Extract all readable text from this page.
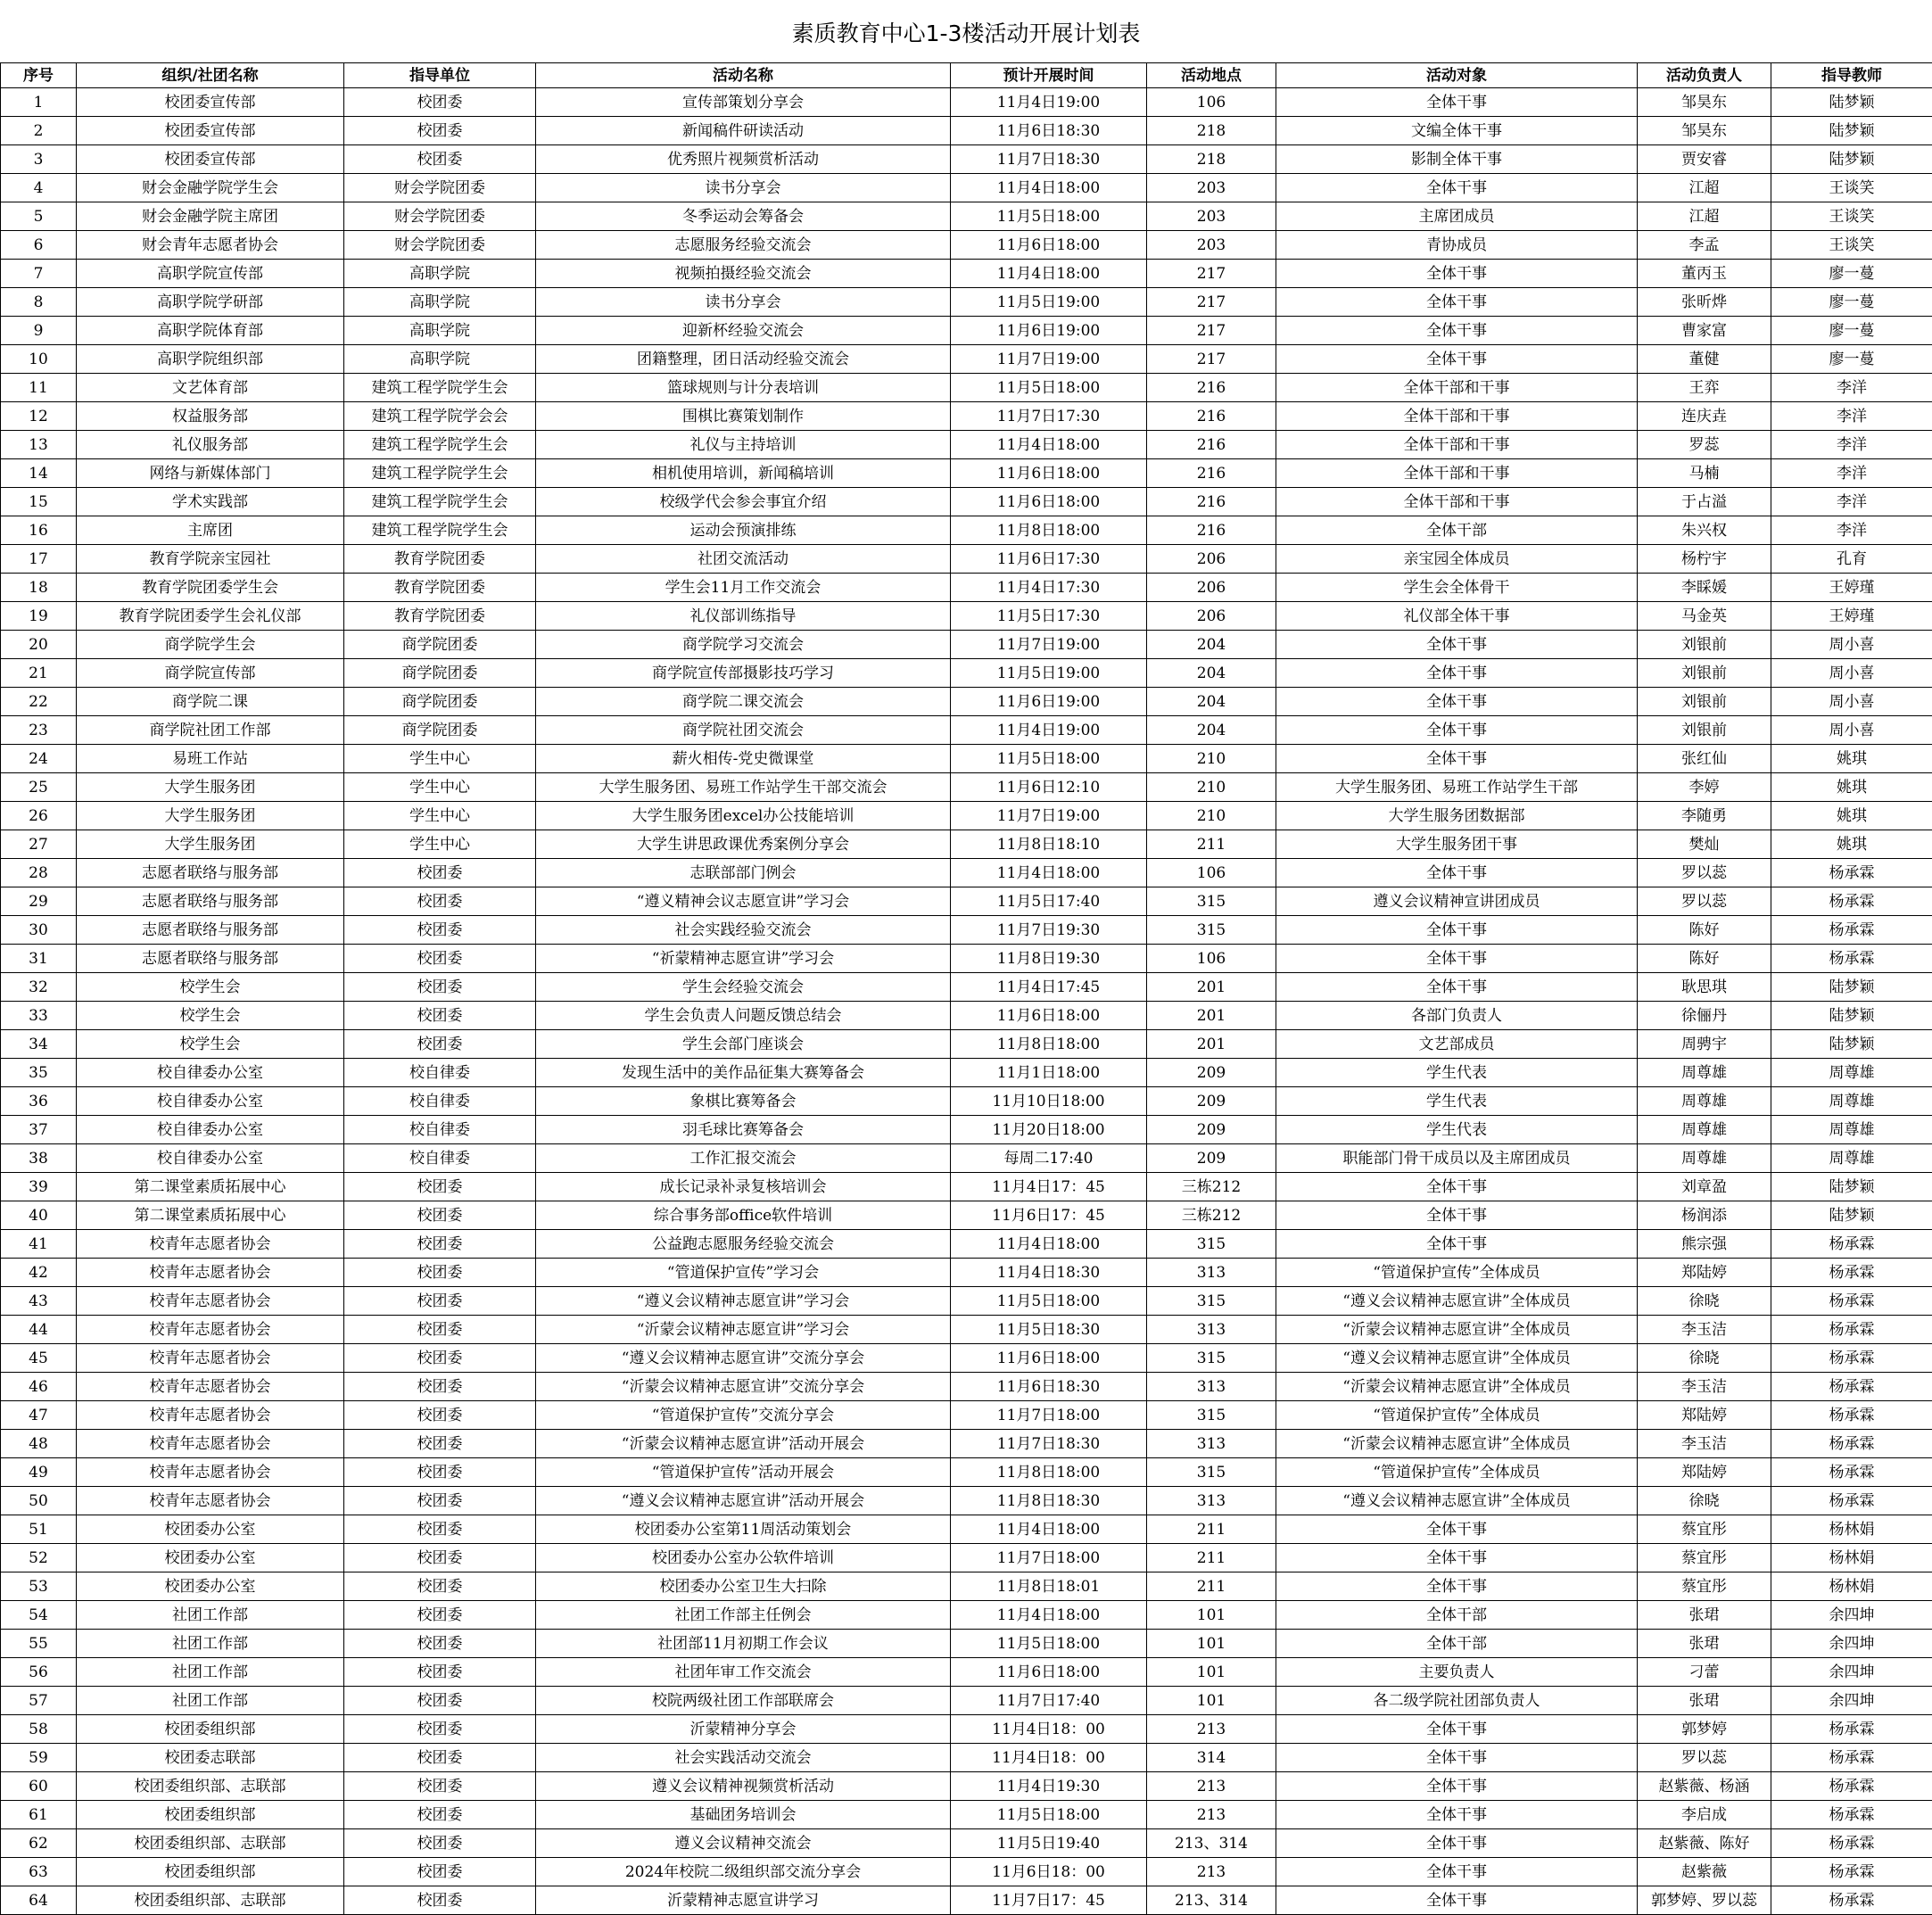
素质教育中心1-3楼活动开展计划表
序号	组织/社团名称	指导单位	活动名称	预计开展时间	活动地点	活动对象	活动负责人	指导教师
1	校团委宣传部	校团委	宣传部策划分享会	11月4日19:00	106	全体干事	邹昊东	陆梦颖
2	校团委宣传部	校团委	新闻稿件研读活动	11月6日18:30	218	文编全体干事	邹昊东	陆梦颖
3	校团委宣传部	校团委	优秀照片视频赏析活动	11月7日18:30	218	影制全体干事	贾安睿	陆梦颖
4	财会金融学院学生会	财会学院团委	读书分享会	11月4日18:00	203	全体干事	江超	王谈笑
5	财会金融学院主席团	财会学院团委	冬季运动会筹备会	11月5日18:00	203	主席团成员	江超	王谈笑
6	财会青年志愿者协会	财会学院团委	志愿服务经验交流会	11月6日18:00	203	青协成员	李孟	王谈笑
7	高职学院宣传部	高职学院	视频拍摄经验交流会	11月4日18:00	217	全体干事	董丙玉	廖一蔓
8	高职学院学研部	高职学院	读书分享会	11月5日19:00	217	全体干事	张昕烨	廖一蔓
9	高职学院体育部	高职学院	迎新杯经验交流会	11月6日19:00	217	全体干事	曹家富	廖一蔓
10	高职学院组织部	高职学院	团籍整理，团日活动经验交流会	11月7日19:00	217	全体干事	董健	廖一蔓
11	文艺体育部	建筑工程学院学生会	篮球规则与计分表培训	11月5日18:00	216	全体干部和干事	王弈	李洋
12	权益服务部	建筑工程学院学会会	围棋比赛策划制作	11月7日17:30	216	全体干部和干事	连庆垚	李洋
13	礼仪服务部	建筑工程学院学生会	礼仪与主持培训	11月4日18:00	216	全体干部和干事	罗蕊	李洋
14	网络与新媒体部门	建筑工程学院学生会	相机使用培训，新闻稿培训	11月6日18:00	216	全体干部和干事	马楠	李洋
15	学术实践部	建筑工程学院学生会	校级学代会参会事宜介绍	11月6日18:00	216	全体干部和干事	于占溢	李洋
16	主席团	建筑工程学院学生会	运动会预演排练	11月8日18:00	216	全体干部	朱兴权	李洋
17	教育学院亲宝园社	教育学院团委	社团交流活动	11月6日17:30	206	亲宝园全体成员	杨柠宇	孔育
18	教育学院团委学生会	教育学院团委	学生会11月工作交流会	11月4日17:30	206	学生会全体骨干	李睬媛	王婷瑾
19	教育学院团委学生会礼仪部	教育学院团委	礼仪部训练指导	11月5日17:30	206	礼仪部全体干事	马金英	王婷瑾
20	商学院学生会	商学院团委	商学院学习交流会	11月7日19:00	204	全体干事	刘银前	周小喜
21	商学院宣传部	商学院团委	商学院宣传部摄影技巧学习	11月5日19:00	204	全体干事	刘银前	周小喜
22	商学院二课	商学院团委	商学院二课交流会	11月6日19:00	204	全体干事	刘银前	周小喜
23	商学院社团工作部	商学院团委	商学院社团交流会	11月4日19:00	204	全体干事	刘银前	周小喜
24	易班工作站	学生中心	薪火相传-党史微课堂	11月5日18:00	210	全体干事	张红仙	姚琪
25	大学生服务团	学生中心	大学生服务团、易班工作站学生干部交流会	11月6日12:10	210	大学生服务团、易班工作站学生干部	李婷	姚琪
26	大学生服务团	学生中心	大学生服务团excel办公技能培训	11月7日19:00	210	大学生服务团数据部	李随勇	姚琪
27	大学生服务团	学生中心	大学生讲思政课优秀案例分享会	11月8日18:10	211	大学生服务团干事	樊灿	姚琪
28	志愿者联络与服务部	校团委	志联部部门例会	11月4日18:00	106	全体干事	罗以蕊	杨承霖
29	志愿者联络与服务部	校团委	“遵义精神会议志愿宣讲”学习会	11月5日17:40	315	遵义会议精神宣讲团成员	罗以蕊	杨承霖
30	志愿者联络与服务部	校团委	社会实践经验交流会	11月7日19:30	315	全体干事	陈好	杨承霖
31	志愿者联络与服务部	校团委	“祈蒙精神志愿宣讲”学习会	11月8日19:30	106	全体干事	陈好	杨承霖
32	校学生会	校团委	学生会经验交流会	11月4日17:45	201	全体干事	耿思琪	陆梦颖
33	校学生会	校团委	学生会负责人问题反馈总结会	11月6日18:00	201	各部门负责人	徐俪丹	陆梦颖
34	校学生会	校团委	学生会部门座谈会	11月8日18:00	201	文艺部成员	周骋宇	陆梦颖
35	校自律委办公室	校自律委	发现生活中的美作品征集大赛筹备会	11月1日18:00	209	学生代表	周尊雄	周尊雄
36	校自律委办公室	校自律委	象棋比赛筹备会	11月10日18:00	209	学生代表	周尊雄	周尊雄
37	校自律委办公室	校自律委	羽毛球比赛筹备会	11月20日18:00	209	学生代表	周尊雄	周尊雄
38	校自律委办公室	校自律委	工作汇报交流会	每周二17:40	209	职能部门骨干成员以及主席团成员	周尊雄	周尊雄
39	第二课堂素质拓展中心	校团委	成长记录补录复核培训会	11月4日17：45	三栋212	全体干事	刘章盈	陆梦颖
40	第二课堂素质拓展中心	校团委	综合事务部office软件培训	11月6日17：45	三栋212	全体干事	杨润添	陆梦颖
41	校青年志愿者协会	校团委	公益跑志愿服务经验交流会	11月4日18:00	315	全体干事	熊宗强	杨承霖
42	校青年志愿者协会	校团委	“管道保护宣传”学习会	11月4日18:30	313	“管道保护宣传”全体成员	郑陆婷	杨承霖
43	校青年志愿者协会	校团委	“遵义会议精神志愿宣讲”学习会	11月5日18:00	315	“遵义会议精神志愿宣讲”全体成员	徐晓	杨承霖
44	校青年志愿者协会	校团委	“沂蒙会议精神志愿宣讲”学习会	11月5日18:30	313	“沂蒙会议精神志愿宣讲”全体成员	李玉洁	杨承霖
45	校青年志愿者协会	校团委	“遵义会议精神志愿宣讲”交流分享会	11月6日18:00	315	“遵义会议精神志愿宣讲”全体成员	徐晓	杨承霖
46	校青年志愿者协会	校团委	“沂蒙会议精神志愿宣讲”交流分享会	11月6日18:30	313	“沂蒙会议精神志愿宣讲”全体成员	李玉洁	杨承霖
47	校青年志愿者协会	校团委	“管道保护宣传”交流分享会	11月7日18:00	315	“管道保护宣传”全体成员	郑陆婷	杨承霖
48	校青年志愿者协会	校团委	“沂蒙会议精神志愿宣讲”活动开展会	11月7日18:30	313	“沂蒙会议精神志愿宣讲”全体成员	李玉洁	杨承霖
49	校青年志愿者协会	校团委	“管道保护宣传”活动开展会	11月8日18:00	315	“管道保护宣传”全体成员	郑陆婷	杨承霖
50	校青年志愿者协会	校团委	“遵义会议精神志愿宣讲”活动开展会	11月8日18:30	313	“遵义会议精神志愿宣讲”全体成员	徐晓	杨承霖
51	校团委办公室	校团委	校团委办公室第11周活动策划会	11月4日18:00	211	全体干事	蔡宜彤	杨林娟
52	校团委办公室	校团委	校团委办公室办公软件培训	11月7日18:00	211	全体干事	蔡宜彤	杨林娟
53	校团委办公室	校团委	校团委办公室卫生大扫除	11月8日18:01	211	全体干事	蔡宜彤	杨林娟
54	社团工作部	校团委	社团工作部主任例会	11月4日18:00	101	全体干部	张珺	余四坤
55	社团工作部	校团委	社团部11月初期工作会议	11月5日18:00	101	全体干部	张珺	余四坤
56	社团工作部	校团委	社团年审工作交流会	11月6日18:00	101	主要负责人	刁蕾	余四坤
57	社团工作部	校团委	校院两级社团工作部联席会	11月7日17:40	101	各二级学院社团部负责人	张珺	余四坤
58	校团委组织部	校团委	沂蒙精神分享会	11月4日18：00	213	全体干事	郭梦婷	杨承霖
59	校团委志联部	校团委	社会实践活动交流会	11月4日18：00	314	全体干事	罗以蕊	杨承霖
60	校团委组织部、志联部	校团委	遵义会议精神视频赏析活动	11月4日19:30	213	全体干事	赵紫薇、杨涵	杨承霖
61	校团委组织部	校团委	基础团务培训会	11月5日18:00	213	全体干事	李启成	杨承霖
62	校团委组织部、志联部	校团委	遵义会议精神交流会	11月5日19:40	213、314	全体干事	赵紫薇、陈好	杨承霖
63	校团委组织部	校团委	2024年校院二级组织部交流分享会	11月6日18：00	213	全体干事	赵紫薇	杨承霖
64	校团委组织部、志联部	校团委	沂蒙精神志愿宣讲学习	11月7日17：45	213、314	全体干事	郭梦婷、罗以蕊	杨承霖
